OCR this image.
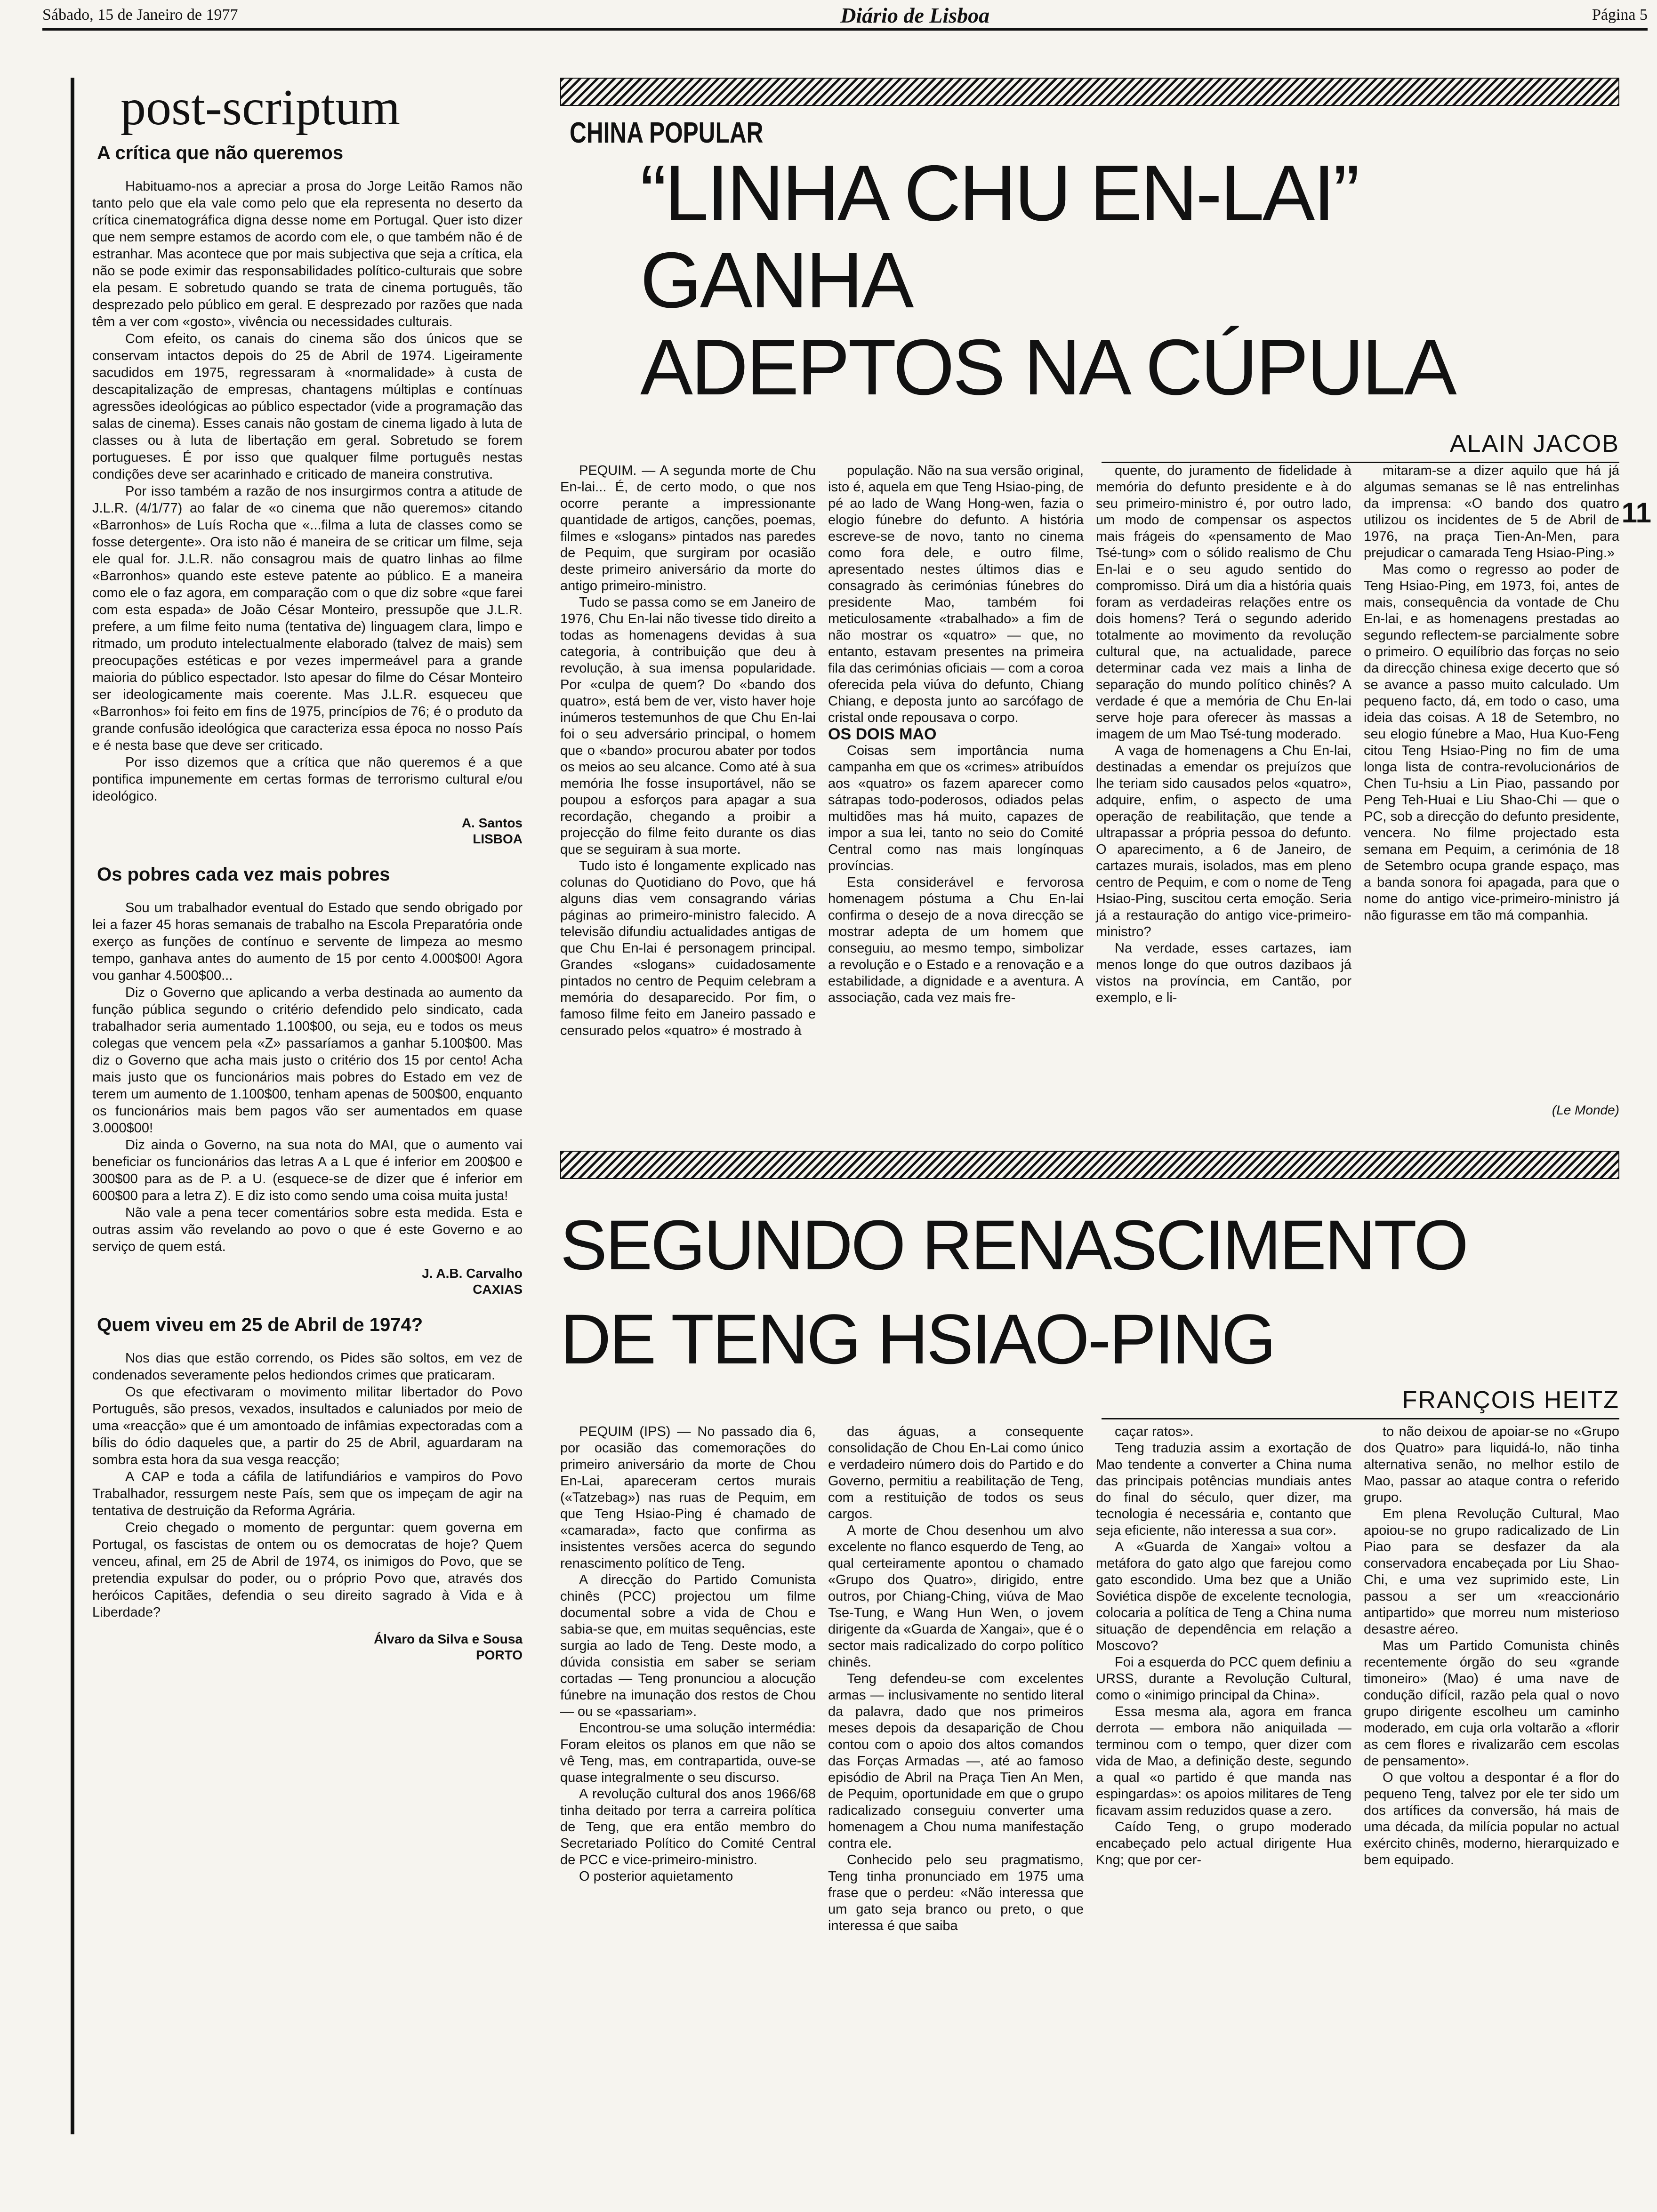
Sábado, 15 de Janeiro de 1977	Diário de Lisboa	Página 5
post-scriptum
A crítica que não queremos

Habituamo-nos a apreciar a prosa do Jorge Leitão Ramos não tanto pelo que ela vale como pelo que ela representa no deserto da crítica cinematográfica digna desse nome em Portugal. Quer isto dizer que nem sempre estamos de acordo com ele, o que também não é de estranhar. Mas acontece que por mais subjectiva que seja a crítica, ela não se pode eximir das responsabilidades político-culturais que sobre ela pesam. E sobretudo quando se trata de cinema português, tão desprezado pelo público em geral. E desprezado por razões que nada têm a ver com «gosto», vivência ou necessidades culturais.

Com efeito, os canais do cinema são dos únicos que se conservam intactos depois do 25 de Abril de 1974. Ligeiramente sacudidos em 1975, regressaram à «normalidade» à custa de descapitalização de empresas, chantagens múltiplas e contínuas agressões ideológicas ao público espectador (vide a programação das salas de cinema). Esses canais não gostam de cinema ligado à luta de classes ou à luta de libertação em geral. Sobretudo se forem portugueses. É por isso que qualquer filme português nestas condições deve ser acarinhado e criticado de maneira construtiva.

Por isso também a razão de nos insurgirmos contra a atitude de J.L.R. (4/1/77) ao falar de «o cinema que não queremos» citando «Barronhos» de Luís Rocha que «...filma a luta de classes como se fosse detergente». Ora isto não é maneira de se criticar um filme, seja ele qual for. J.L.R. não consagrou mais de quatro linhas ao filme «Barronhos» quando este esteve patente ao público. E a maneira como ele o faz agora, em comparação com o que diz sobre «que farei com esta espada» de João César Monteiro, pressupõe que J.L.R. prefere, a um filme feito numa (tentativa de) linguagem clara, limpo e ritmado, um produto intelectualmente elaborado (talvez de mais) sem preocupações estéticas e por vezes impermeável para a grande maioria do público espectador. Isto apesar do filme do César Monteiro ser ideologicamente mais coerente. Mas J.L.R. esqueceu que «Barronhos» foi feito em fins de 1975, princípios de 76; é o produto da grande confusão ideológica que caracteriza essa época no nosso País e é nesta base que deve ser criticado.

Por isso dizemos que a crítica que não queremos é a que pontifica impunemente em certas formas de terrorismo cultural e/ou ideológico.

A. Santos
LISBOA
Os pobres cada vez mais pobres

Sou um trabalhador eventual do Estado que sendo obrigado por lei a fazer 45 horas semanais de trabalho na Escola Preparatória onde exerço as funções de contínuo e servente de limpeza ao mesmo tempo, ganhava antes do aumento de 15 por cento 4.000$00! Agora vou ganhar 4.500$00...

Diz o Governo que aplicando a verba destinada ao aumento da função pública segundo o critério defendido pelo sindicato, cada trabalhador seria aumentado 1.100$00, ou seja, eu e todos os meus colegas que vencem pela «Z» passaríamos a ganhar 5.100$00. Mas diz o Governo que acha mais justo o critério dos 15 por cento! Acha mais justo que os funcionários mais pobres do Estado em vez de terem um aumento de 1.100$00, tenham apenas de 500$00, enquanto os funcionários mais bem pagos vão ser aumentados em quase 3.000$00!

Diz ainda o Governo, na sua nota do MAI, que o aumento vai beneficiar os funcionários das letras A a L que é inferior em 200$00 e 300$00 para as de P. a U. (esquece-se de dizer que é inferior em 600$00 para a letra Z). E diz isto como sendo uma coisa muita justa!

Não vale a pena tecer comentários sobre esta medida. Esta e outras assim vão revelando ao povo o que é este Governo e ao serviço de quem está.

J. A.B. Carvalho
CAXIAS
Quem viveu em 25 de Abril de 1974?

Nos dias que estão correndo, os Pides são soltos, em vez de condenados severamente pelos hediondos crimes que praticaram.

Os que efectivaram o movimento militar libertador do Povo Português, são presos, vexados, insultados e caluniados por meio de uma «reacção» que é um amontoado de infâmias expectoradas com a bílis do ódio daqueles que, a partir do 25 de Abril, aguardaram na sombra esta hora da sua vesga reacção;

A CAP e toda a cáfila de latifundiários e vampiros do Povo Trabalhador, ressurgem neste País, sem que os impeçam de agir na tentativa de destruição da Reforma Agrária.

Creio chegado o momento de perguntar: quem governa em Portugal, os fascistas de ontem ou os democratas de hoje? Quem venceu, afinal, em 25 de Abril de 1974, os inimigos do Povo, que se pretendia expulsar do poder, ou o próprio Povo que, através dos heróicos Capitães, defendia o seu direito sagrado à Vida e à Liberdade?

Álvaro da Silva e Sousa
PORTO
CHINA POPULAR
“LINHA CHU EN-LAI”
GANHA
ADEPTOS NA CÚPULA
ALAIN JACOB

PEQUIM. — A segunda morte de Chu En-lai... É, de certo modo, o que nos ocorre perante a impressionante quantidade de artigos, canções, poemas, filmes e «slogans» pintados nas paredes de Pequim, que surgiram por ocasião deste primeiro aniversário da morte do antigo primeiro-ministro.

Tudo se passa como se em Janeiro de 1976, Chu En-lai não tivesse tido direito a todas as homenagens devidas à sua categoria, à contribuição que deu à revolução, à sua imensa popularidade. Por «culpa de quem? Do «bando dos quatro», está bem de ver, visto haver hoje inúmeros testemunhos de que Chu En-lai foi o seu adversário principal, o homem que o «bando» procurou abater por todos os meios ao seu alcance. Como até à sua memória lhe fosse insuportável, não se poupou a esforços para apagar a sua recordação, chegando a proibir a projecção do filme feito durante os dias que se seguiram à sua morte.

Tudo isto é longamente explicado nas colunas do Quotidiano do Povo, que há alguns dias vem consagrando várias páginas ao primeiro-ministro falecido. A televisão difundiu actualidades antigas de que Chu En-lai é personagem principal. Grandes «slogans» cuidadosamente pintados no centro de Pequim celebram a memória do desaparecido. Por fim, o famoso filme feito em Janeiro passado e censurado pelos «quatro» é mostrado à

população. Não na sua versão original, isto é, aquela em que Teng Hsiao-ping, de pé ao lado de Wang Hong-wen, fazia o elogio fúnebre do defunto. A história escreve-se de novo, tanto no cinema como fora dele, e outro filme, apresentado nestes últimos dias e consagrado às cerimónias fúnebres do presidente Mao, também foi meticulosamente «trabalhado» a fim de não mostrar os «quatro» — que, no entanto, estavam presentes na primeira fila das cerimónias oficiais — com a coroa oferecida pela viúva do defunto, Chiang Chiang, e deposta junto ao sarcófago de cristal onde repousava o corpo.

OS DOIS MAO

Coisas sem importância numa campanha em que os «crimes» atribuídos aos «quatro» os fazem aparecer como sátrapas todo-poderosos, odiados pelas multidões mas há muito, capazes de impor a sua lei, tanto no seio do Comité Central como nas mais longínquas províncias.

Esta considerável e fervorosa homenagem póstuma a Chu En-lai confirma o desejo de a nova direcção se mostrar adepta de um homem que conseguiu, ao mesmo tempo, simbolizar a revolução e o Estado e a renovação e a estabilidade, a dignidade e a aventura. A associação, cada vez mais fre-

quente, do juramento de fidelidade à memória do defunto presidente e à do seu primeiro-ministro é, por outro lado, um modo de compensar os aspectos mais frágeis do «pensamento de Mao Tsé-tung» com o sólido realismo de Chu En-lai e o seu agudo sentido do compromisso. Dirá um dia a história quais foram as verdadeiras relações entre os dois homens? Terá o segundo aderido totalmente ao movimento da revolução cultural que, na actualidade, parece determinar cada vez mais a linha de separação do mundo político chinês? A verdade é que a memória de Chu En-lai serve hoje para oferecer às massas a imagem de um Mao Tsé-tung moderado.

A vaga de homenagens a Chu En-lai, destinadas a emendar os prejuízos que lhe teriam sido causados pelos «quatro», adquire, enfim, o aspecto de uma operação de reabilitação, que tende a ultrapassar a própria pessoa do defunto. O aparecimento, a 6 de Janeiro, de cartazes murais, isolados, mas em pleno centro de Pequim, e com o nome de Teng Hsiao-Ping, suscitou certa emoção. Seria já a restauração do antigo vice-primeiro-ministro?

Na verdade, esses cartazes, iam menos longe do que outros dazibaos já vistos na província, em Cantão, por exemplo, e li-

mitaram-se a dizer aquilo que há já algumas semanas se lê nas entrelinhas da imprensa: «O bando dos quatro utilizou os incidentes de 5 de Abril de 1976, na praça Tien-An-Men, para prejudicar o camarada Teng Hsiao-Ping.»

Mas como o regresso ao poder de Teng Hsiao-Ping, em 1973, foi, antes de mais, consequência da vontade de Chu En-lai, e as homenagens prestadas ao segundo reflectem-se parcialmente sobre o primeiro. O equilíbrio das forças no seio da direcção chinesa exige decerto que só se avance a passo muito calculado. Um pequeno facto, dá, em todo o caso, uma ideia das coisas. A 18 de Setembro, no seu elogio fúnebre a Mao, Hua Kuo-Feng citou Teng Hsiao-Ping no fim de uma longa lista de contra-revolucionários de Chen Tu-hsiu a Lin Piao, passando por Peng Teh-Huai e Liu Shao-Chi — que o PC, sob a direcção do defunto presidente, vencera. No filme projectado esta semana em Pequim, a cerimónia de 18 de Setembro ocupa grande espaço, mas a banda sonora foi apagada, para que o nome do antigo vice-primeiro-ministro já não figurasse em tão má companhia.

(Le Monde)
SEGUNDO RENASCIMENTO
DE TENG HSIAO-PING
FRANÇOIS HEITZ

PEQUIM (IPS) — No passado dia 6, por ocasião das comemorações do primeiro aniversário da morte de Chou En-Lai, apareceram certos murais («Tatzebag») nas ruas de Pequim, em que Teng Hsiao-Ping é chamado de «camarada», facto que confirma as insistentes versões acerca do segundo renascimento político de Teng.

A direcção do Partido Comunista chinês (PCC) projectou um filme documental sobre a vida de Chou e sabia-se que, em muitas sequências, este surgia ao lado de Teng. Deste modo, a dúvida consistia em saber se seriam cortadas — Teng pronunciou a alocução fúnebre na imunação dos restos de Chou — ou se «passariam».

Encontrou-se uma solução intermédia: Foram eleitos os planos em que não se vê Teng, mas, em contrapartida, ouve-se quase integralmente o seu discurso.

A revolução cultural dos anos 1966/68 tinha deitado por terra a carreira política de Teng, que era então membro do Secretariado Político do Comité Central de PCC e vice-primeiro-ministro.

O posterior aquietamento

das águas, a consequente consolidação de Chou En-Lai como único e verdadeiro número dois do Partido e do Governo, permitiu a reabilitação de Teng, com a restituição de todos os seus cargos.

A morte de Chou desenhou um alvo excelente no flanco esquerdo de Teng, ao qual certeiramente apontou o chamado «Grupo dos Quatro», dirigido, entre outros, por Chiang-Ching, viúva de Mao Tse-Tung, e Wang Hun Wen, o jovem dirigente da «Guarda de Xangai», que é o sector mais radicalizado do corpo político chinês.

Teng defendeu-se com excelentes armas — inclusivamente no sentido literal da palavra, dado que nos primeiros meses depois da desaparição de Chou contou com o apoio dos altos comandos das Forças Armadas —, até ao famoso episódio de Abril na Praça Tien An Men, de Pequim, oportunidade em que o grupo radicalizado conseguiu converter uma homenagem a Chou numa manifestação contra ele.

Conhecido pelo seu pragmatismo, Teng tinha pronunciado em 1975 uma frase que o perdeu: «Não interessa que um gato seja branco ou preto, o que interessa é que saiba

caçar ratos».

Teng traduzia assim a exortação de Mao tendente a converter a China numa das principais potências mundiais antes do final do século, quer dizer, ma tecnologia é necessária e, contanto que seja eficiente, não interessa a sua cor».

A «Guarda de Xangai» voltou a metáfora do gato algo que farejou como gato escondido. Uma bez que a União Soviética dispõe de excelente tecnologia, colocaria a política de Teng a China numa situação de dependência em relação a Moscovo?

Foi a esquerda do PCC quem definiu a URSS, durante a Revolução Cultural, como o «inimigo principal da China».

Essa mesma ala, agora em franca derrota — embora não aniquilada — terminou com o tempo, quer dizer com vida de Mao, a definição deste, segundo a qual «o partido é que manda nas espingardas»: os apoios militares de Teng ficavam assim reduzidos quase a zero.

Caído Teng, o grupo moderado encabeçado pelo actual dirigente Hua Kng; que por cer-

to não deixou de apoiar-se no «Grupo dos Quatro» para liquidá-lo, não tinha alternativa senão, no melhor estilo de Mao, passar ao ataque contra o referido grupo.

Em plena Revolução Cultural, Mao apoiou-se no grupo radicalizado de Lin Piao para se desfazer da ala conservadora encabeçada por Liu Shao-Chi, e uma vez suprimido este, Lin passou a ser um «reaccionário antipartido» que morreu num misterioso desastre aéreo.

Mas um Partido Comunista chinês recentemente órgão do seu «grande timoneiro» (Mao) é uma nave de condução difícil, razão pela qual o novo grupo dirigente escolheu um caminho moderado, em cuja orla voltarão a «florir as cem flores e rivalizarão cem escolas de pensamento».

O que voltou a despontar é a flor do pequeno Teng, talvez por ele ter sido um dos artífices da conversão, há mais de uma década, da milícia popular no actual exército chinês, moderno, hierarquizado e bem equipado.

11
